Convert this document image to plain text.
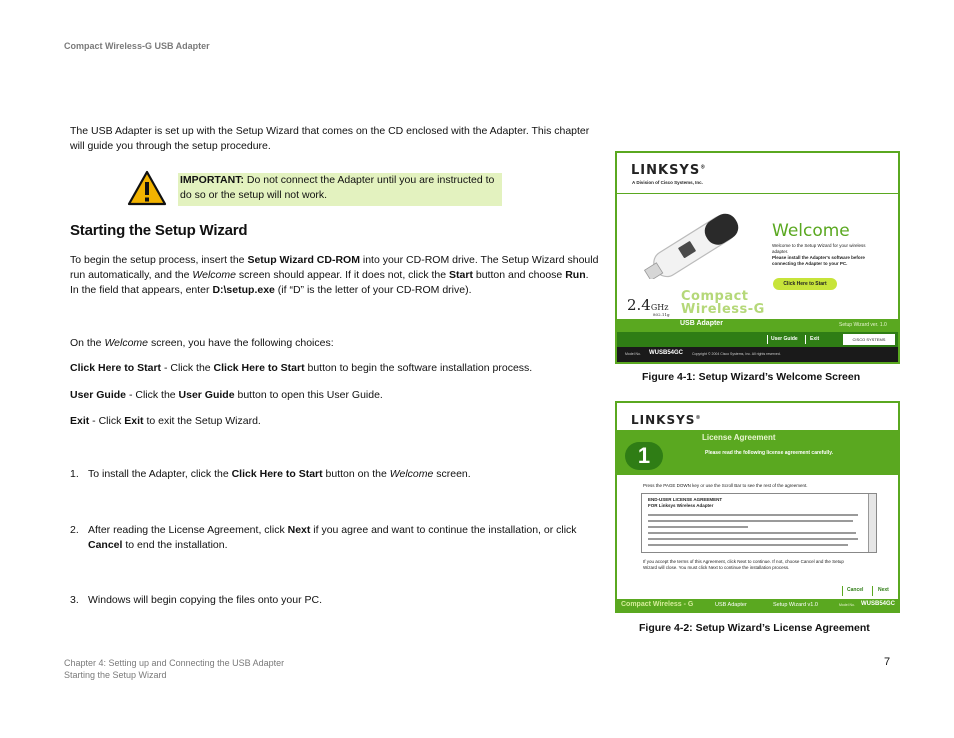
Compact Wireless-G USB Adapter
The USB Adapter is set up with the Setup Wizard that comes on the CD enclosed with the Adapter. This chapter
will guide you through the setup procedure.
IMPORTANT: Do not connect the Adapter until you are instructed to
do so or the setup will not work.
Starting the Setup Wizard
To begin the setup process, insert the Setup Wizard CD-ROM into your CD-ROM drive. The Setup Wizard should
run automatically, and the Welcome screen should appear. If it does not, click the Start button and choose Run.
In the field that appears, enter D:\setup.exe (if “D” is the letter of your CD-ROM drive).
On the Welcome screen, you have the following choices:
Click Here to Start - Click the Click Here to Start button to begin the software installation process.
User Guide - Click the User Guide button to open this User Guide.
Exit - Click Exit to exit the Setup Wizard.
1. To install the Adapter, click the Click Here to Start button on the Welcome screen.
2. After reading the License Agreement, click Next if you agree and want to continue the installation, or click
Cancel to end the installation.
3. Windows will begin copying the files onto your PC.
LINKSYS®
A Division of Cisco Systems, Inc.
Welcome
Welcome to the Setup Wizard for your wireless
adapter.
Please install the Adapter's software before
connecting the Adapter to your PC.
Click Here to Start
2.4GHz
802.11g
Compact
Wireless-G
USB Adapter	Setup Wizard ver. 1.0
User Guide Exit	CISCO SYSTEMS
Model No. WUSB54GC	Copyright © 2004 Cisco Systems, Inc. All rights reserved.
Figure 4-1: Setup Wizard’s Welcome Screen
LINKSYS®
License Agreement
1	Please read the following license agreement carefully.
Press the PAGE DOWN key or use the Scroll Bar to see the rest of the agreement.
END-USER LICENSE AGREEMENT
FOR Linksys Wireless Adapter
If you accept the terms of this Agreement, click Next to continue. If not, choose Cancel and the Setup
Wizard will close. You must click Next to continue the installation process.
Cancel	Next
Compact Wireless - G	USB Adapter	Setup Wizard v1.0	Model No. WUSB54GC
Figure 4-2: Setup Wizard’s License Agreement
Chapter 4: Setting up and Connecting the USB Adapter
Starting the Setup Wizard
7
